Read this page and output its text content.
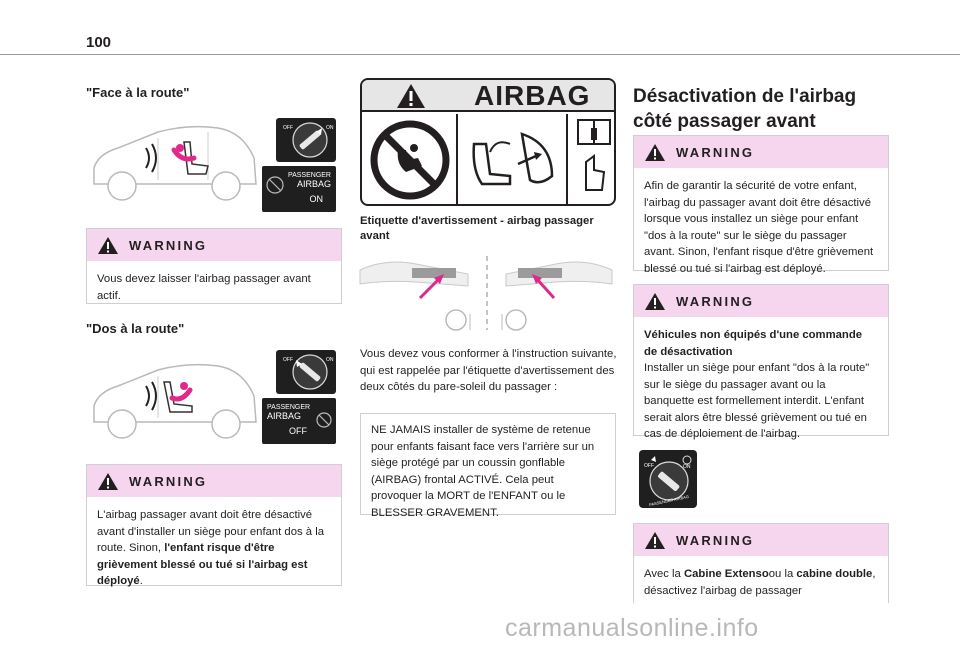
100
"Face à la route"
OFF	ON
PASSENGER
AIRBAG
ON
WARNING
Vous devez laisser l'airbag passager avant actif.
"Dos à la route"
OFF	ON
PASSENGER
AIRBAG
OFF
WARNING
L'airbag passager avant doit être désactivé avant d'installer un siège pour enfant dos à la route. Sinon, l'enfant risque d'être grièvement blessé ou tué si l'airbag est déployé.
AIRBAG
Etiquette d'avertissement - airbag passager avant
Vous devez vous conformer à l'instruction suivante, qui est rappelée par l'étiquette d'avertissement des deux côtés du pare-soleil du passager :
NE JAMAIS installer de système de retenue pour enfants faisant face vers l'arrière sur un siège protégé par un coussin gonflable (AIRBAG) frontal ACTIVÉ. Cela peut provoquer la MORT de l'ENFANT ou le BLESSER GRAVEMENT.
Désactivation de l'airbag côté passager avant
WARNING
Afin de garantir la sécurité de votre enfant, l'airbag du passager avant doit être désactivé lorsque vous installez un siège pour enfant "dos à la route" sur le siège du passager avant. Sinon, l'enfant risque d'être grièvement blessé ou tué si l'airbag est déployé.
WARNING
Véhicules non équipés d'une commande de désactivation
Installer un siège pour enfant "dos à la route" sur le siège du passager avant ou la banquette est formellement interdit. L'enfant serait alors être blessé grièvement ou tué en cas de déploiement de l'airbag.
OFF	ON
PASSENGER AIRBAG
WARNING
Avec la Cabine Extensoou la cabine double, désactivez l'airbag de passager
carmanualsonline.info
